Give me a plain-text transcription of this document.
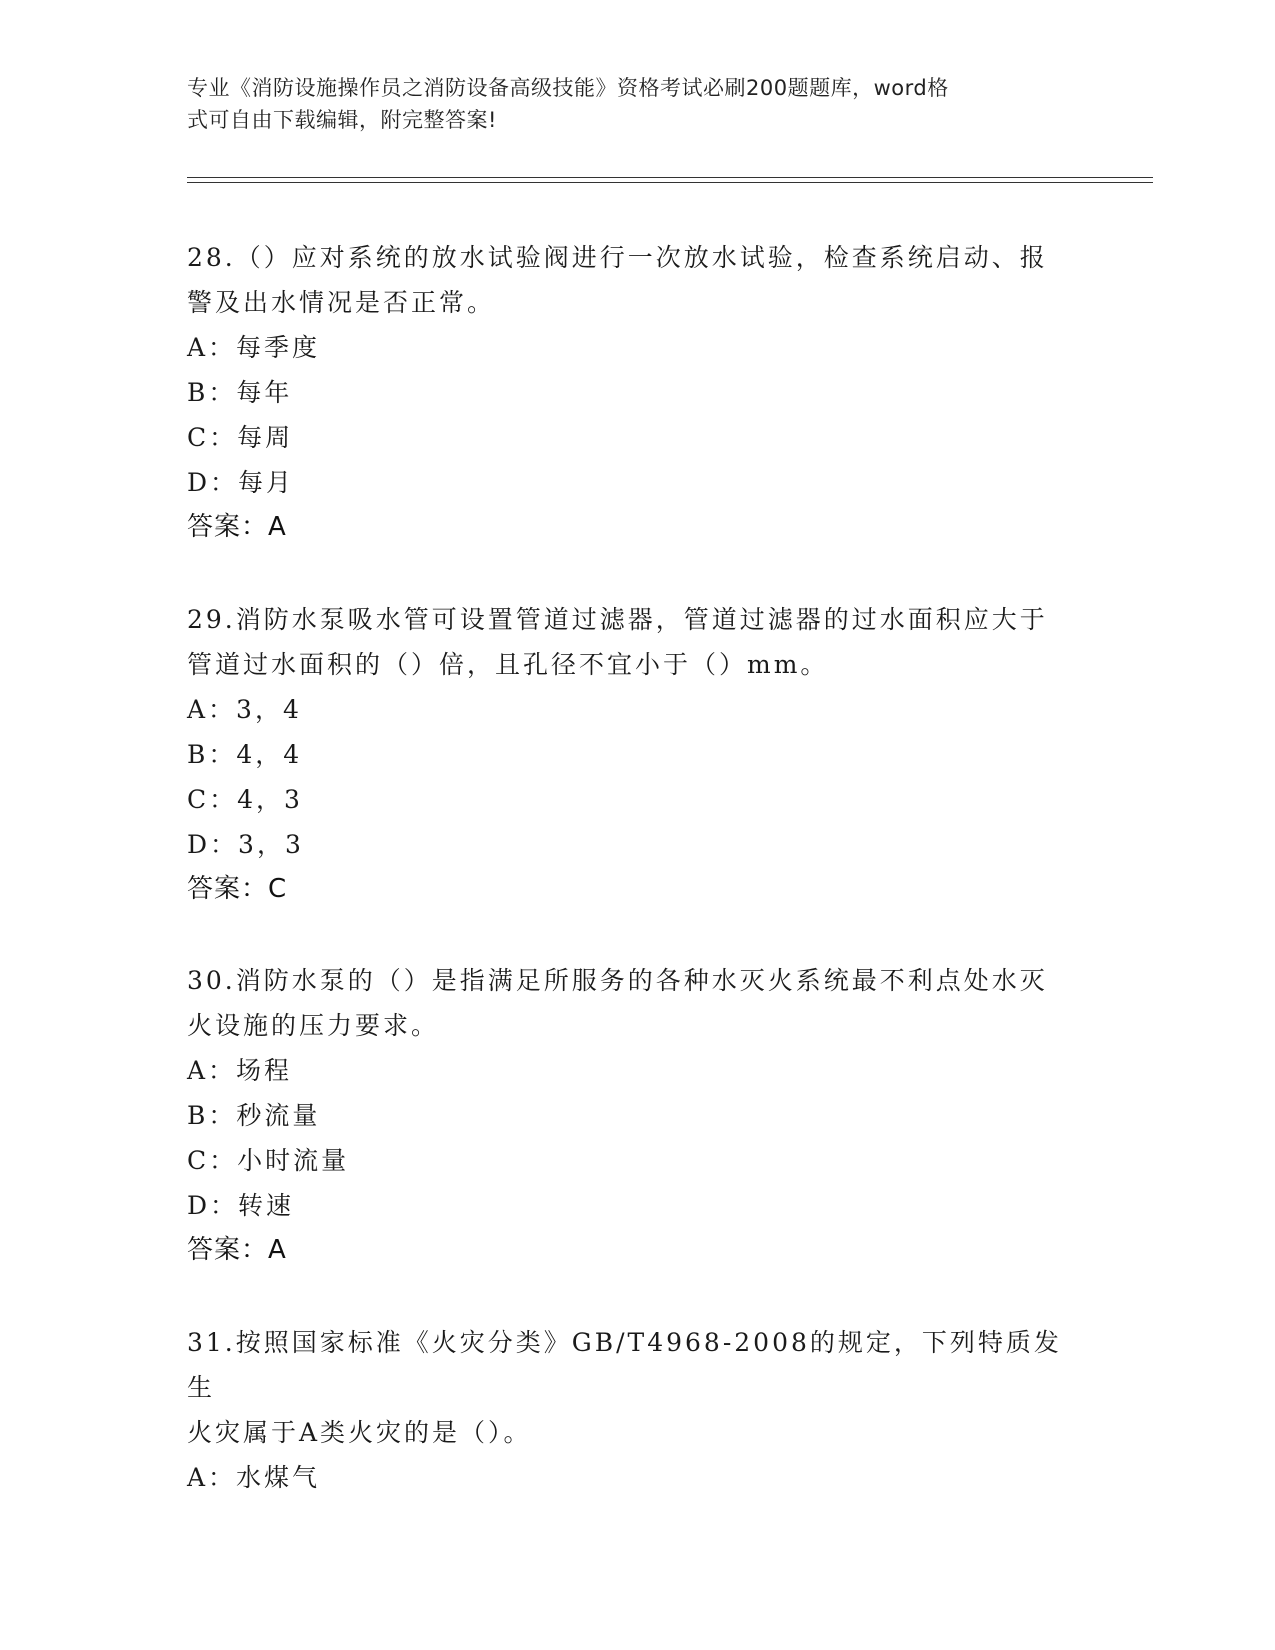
专业《消防设施操作员之消防设备高级技能》资格考试必刷200题题库，word格
式可自由下载编辑，附完整答案!
28.（）应对系统的放水试验阀进行一次放水试验，检查系统启动、报
警及出水情况是否正常。
A：每季度
B：每年
C：每周
D：每月
答案：A
29.消防水泵吸水管可设置管道过滤器，管道过滤器的过水面积应大于
管道过水面积的（）倍，且孔径不宜小于（）mm。
A：3，4
B：4，4
C：4，3
D：3，3
答案：C
30.消防水泵的（）是指满足所服务的各种水灭火系统最不利点处水灭
火设施的压力要求。
A：场程
B：秒流量
C：小时流量
D：转速
答案：A
31.按照国家标准《火灾分类》GB/T4968-2008的规定，下列特质发生
火灾属于A类火灾的是（）。
A：水煤气
